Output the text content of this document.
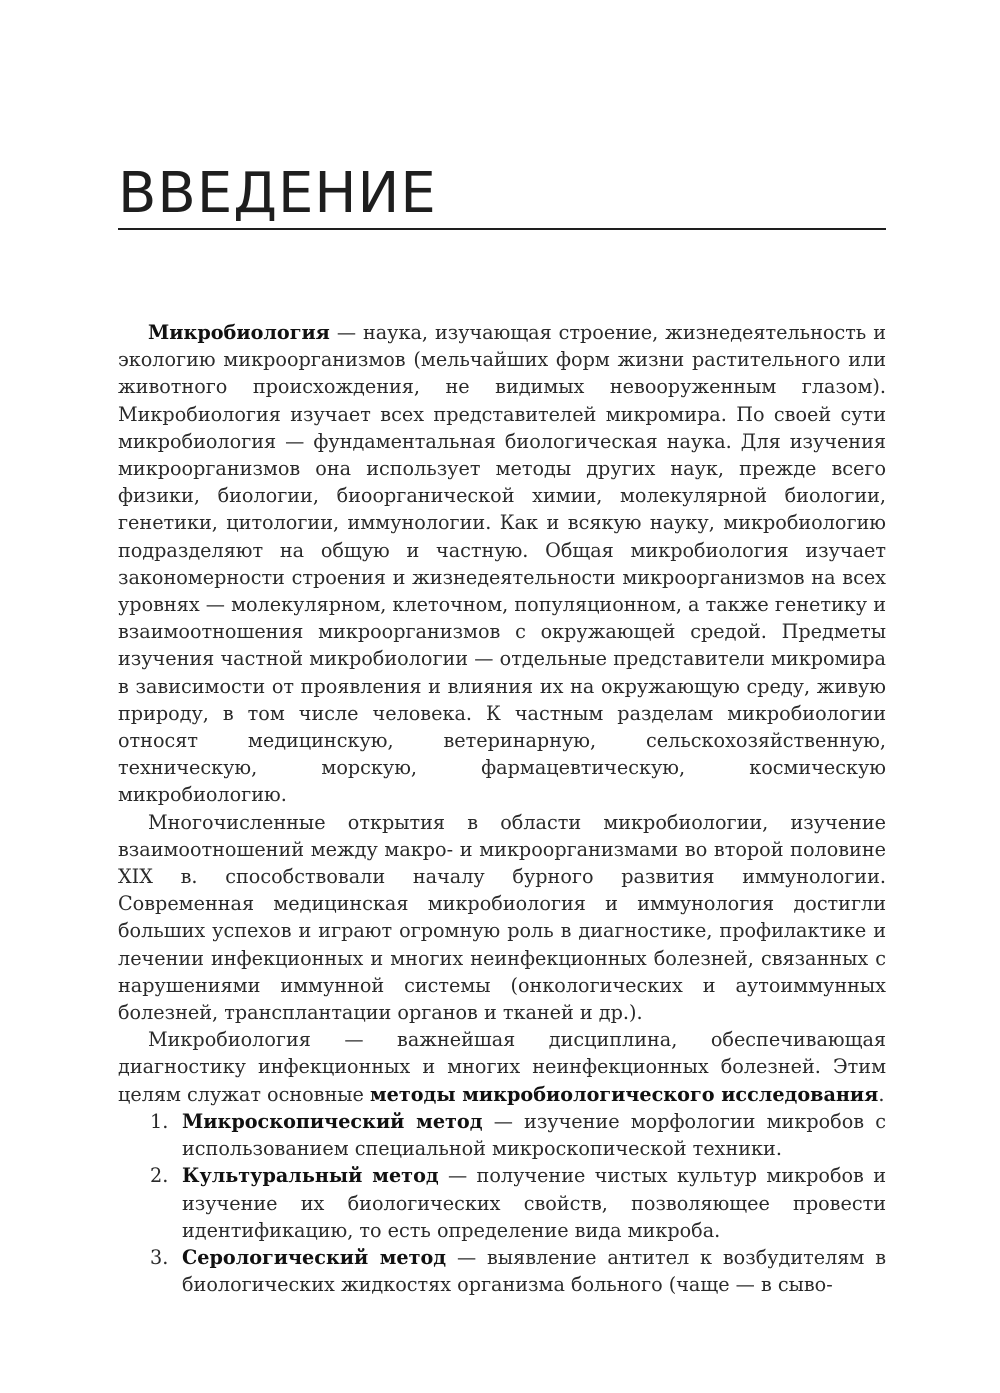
ВВЕДЕНИЕ

Микробиология — наука, изучающая строение, жизнедеятельность и экологию микроорганизмов (мельчайших форм жизни растительного или животного происхождения, не видимых невооруженным глазом). Микробиология изучает всех представителей микромира. По своей сути микробиология — фундаментальная биологическая наука. Для изучения микроорганизмов она использует методы других наук, прежде всего физики, биологии, биоорганической химии, молекулярной биологии, генетики, цитологии, иммунологии. Как и всякую науку, микробиологию подразделяют на общую и частную. Общая микробиология изучает закономерности строения и жизнедеятельности микроорганизмов на всех уровнях — молекулярном, клеточном, популяционном, а также генетику и взаимоотношения микроорганизмов с окружающей средой. Предметы изучения частной микробиологии — отдельные представители микромира в зависимости от проявления и влияния их на окружающую среду, живую природу, в том числе человека. К частным разделам микробиологии относят медицинскую, ветеринарную, сельскохозяйственную, техническую, морскую, фармацевтическую, космическую микробиологию.

Многочисленные открытия в области микробиологии, изучение взаимоотношений между макро- и микроорганизмами во второй половине XIX в. способствовали началу бурного развития иммунологии. Современная медицинская микробиология и иммунология достигли больших успехов и играют огромную роль в диагностике, профилактике и лечении инфекционных и многих неинфекционных болезней, связанных с нарушениями иммунной системы (онкологических и аутоиммунных болезней, трансплантации органов и тканей и др.).

Микробиология — важнейшая дисциплина, обеспечивающая диагностику инфекционных и многих неинфекционных болезней. Этим целям служат основные методы микробиологического исследования.

1. Микроскопический метод — изучение морфологии микробов с использованием специальной микроскопической техники.
2. Культуральный метод — получение чистых культур микробов и изучение их биологических свойств, позволяющее провести идентификацию, то есть определение вида микроба.
3. Серологический метод — выявление антител к возбудителям в биологических жидкостях организма больного (чаще — в сыво-
